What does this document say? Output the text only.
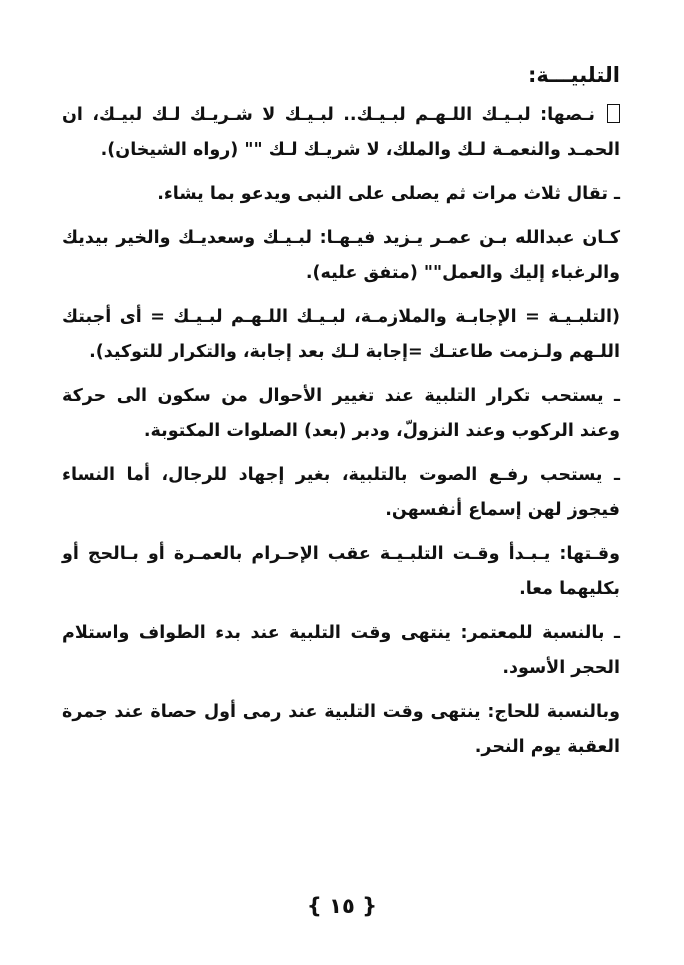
التلبيـــة:
نـصها: لبـيـك اللـهـم لبـيـك.. لبـيـك لا شـريـك لـك لبيـك، ان الحمـد والنعمـة لـك والملك، لا شريـك لـك "" (رواه الشيخان).
ـ تقال ثلاث مرات ثم يصلى على النبى ويدعو بما يشاء.
كـان عبدالله بـن عمـر يـزيد فيـهـا: لبـيـك وسعديـك والخير بيديك والرغباء إليك والعمل"" (متفق عليه).
(التلبـيـة = الإجابـة والملازمـة، لبـيـك اللـهـم لبـيـك = أى أجبتك اللـهم ولـزمت طاعتـك =إجابة لـك بعد إجابة، والتكرار للتوكيد).
ـ يستحب تكرار التلبية عند تغيير الأحوال من سكون الى حركة وعند الركوب وعند النزولّ، ودبر (بعد) الصلوات المكتوبة.
ـ يستحب رفـع الصوت بالتلبية، بغير إجهاد للرجال، أما النساء فيجوز لهن إسماع أنفسهن.
وقـتها: يـبـدأ وقـت التلبـيـة عقب الإحـرام بالعمـرة أو بـالحج أو بكليهما معا.
ـ بالنسبة للمعتمر: ينتهى وقت التلبية عند بدء الطواف واستلام الحجر الأسود.
وبالنسبة للحاج: ينتهى وقت التلبية عند رمى أول حصاة عند جمرة العقبة يوم النحر.
{ ١٥ }
